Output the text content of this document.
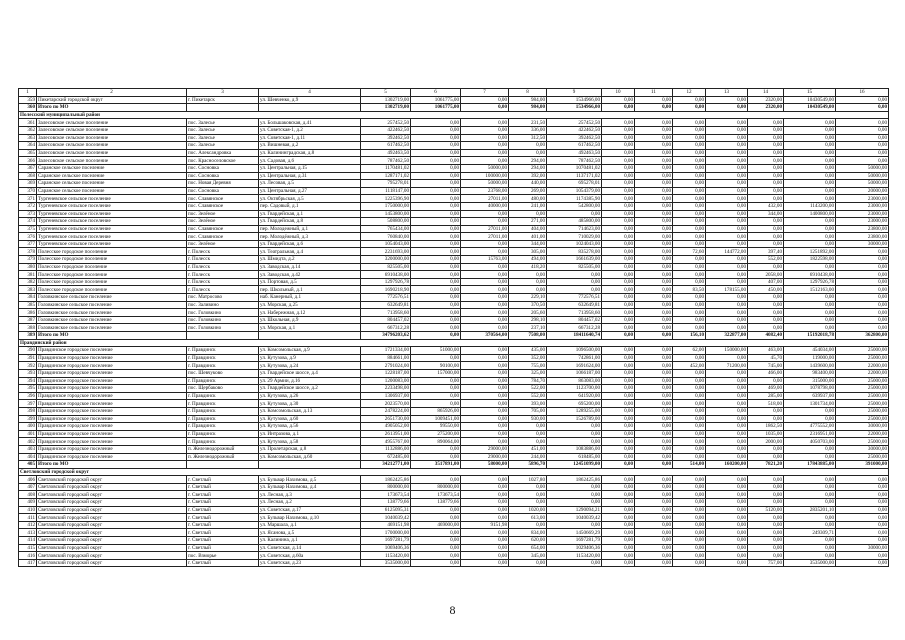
1	2	3	4	5	6	7	8	9	10	11	12	13	14	15	16
359	Пикетарский городской округ	г. Пикетарск	ул. Шевченко, д.9	1302719,00	1061775,00	0,00	984,00	1534966,00	0,00	0,00	0,00	0,00	2320,00	10430549,00	0,00
360	Итого по МО			1302719,00	1061775,00	0,00	984,00	1534966,00	0,00	0,00	0,00	0,00	2320,00	10430549,00	0,00
Полесский муниципальный район															
361	Залесовское сельское поселение	пос. Залесье	ул. Большаковская, д.41	257452,50	0,00	0,00	231,50	257452,50	0,00	0,00	0,00	0,00	0,00	0,00	0,00
362	Залесовское сельское поселение	пос. Залесье	ул. Советская-1, д.2	422462,50	0,00	0,00	336,00	422462,50	0,00	0,00	0,00	0,00	0,00	0,00	0,00
363	Залесовское сельское поселение	пос. Залесье	ул. Советская-1, д.11	392462,50	0,00	0,00	312,50	392462,50	0,00	0,00	0,00	0,00	0,00	0,00	0,00
364	Залесовское сельское поселение	пос. Залесье	ул. Вишневая, д.2	617462,50	0,00	0,00	0,00	617462,50	0,00	0,00	0,00	0,00	0,00	0,00	0,00
365	Залесовское сельское поселение	пос. Александровка	ул. Калининградская, д.8	492463,50	0,00	0,00	0,00	492463,50	0,00	0,00	0,00	0,00	0,00	0,00	0,00
366	Залесовское сельское поселение	пос. Красноселовское	ул. Садовая, д.6	787462,50	0,00	0,00	294,00	787462,50	0,00	0,00	0,00	0,00	0,00	0,00	0,00
367	Саранское сельское поселение	пос. Сосновка	ул. Центральная, д.15	1170481,02	0,00	50000,00	294,00	1070481,02	0,00	0,00	0,00	0,00	0,00	0,00	50000,00
368	Саранское сельское поселение	пос. Сосновка	ул. Центральная, д.31	1287171,02	0,00	100000,00	392,00	1137171,02	0,00	0,00	0,00	0,00	0,00	0,00	50000,00
369	Саранское сельское поселение	пос. Новая Деревня	ул. Лесовая, д.5	795278,01	0,00	50000,00	440,00	695278,01	0,00	0,00	0,00	0,00	0,00	0,00	50000,00
370	Саранское сельское поселение	пос. Сосновка	ул. Центральная, д.27	1118147,00	0,00	23768,00	269,00	1054379,00	0,00	0,00	0,00	0,00	0,00	0,00	20000,00
371	Тургеневское сельское поселение	пос. Славянское	ул. Октябрьская, д.5	1225396,90	0,00	27011,00	480,00	1174385,90	0,00	0,00	0,00	0,00	0,00	0,00	23000,00
372	Тургеневское сельское поселение	пос. Славянское	пер. Садовый, д.1	1750000,00	0,00	40000,00	241,00	542800,00	0,00	0,00	0,00	0,00	432,00	1143200,00	23000,00
373	Тургеневское сельское поселение	пос. Зелёное	ул. Гвардейская, д.1	1453800,00	0,00	0,00	0,00	0,00	0,00	0,00	0,00	0,00	344,00	1400800,00	23000,00
374	Тургеневское сельское поселение	пос. Зелёное	ул. Гвардейская, д.8	508800,00	0,00	0,00	271,00	485800,00	0,00	0,00	0,00	0,00	0,00	0,00	23000,00
375	Тургеневское сельское поселение	пос. Славянское	пер. Молодежный, д.1	765434,00	0,00	27011,00	404,00	714623,00	0,00	0,00	0,00	0,00	0,00	0,00	23800,00
376	Тургеневское сельское поселение	пос. Славянское	пер. Молодёжный, д.3	760840,00	0,00	27011,00	401,00	710029,00	0,00	0,00	0,00	0,00	0,00	0,00	23800,00
377	Тургеневское сельское поселение	пос. Зелёное	ул. Гвардейская, д.6	1054043,00	0,00	0,00	344,00	1024043,00	0,00	0,00	0,00	0,00	0,00	0,00	30000,00
378	Полесское городское поселение	г. Полесск	ул. Театральная, д.4	2231693,00	0,00	0,00	305,00	835278,00	0,00	0,00	72,60	144772,00	397,40	1251892,00	0,00
379	Полесское городское поселение	г. Полесск	ул. Шмидта, д.2	3200000,00	0,00	15763,00	494,00	1661639,00	0,00	0,00	0,00	0,00	552,00	1822598,00	0,00
380	Полесское городское поселение	г. Полесск	ул. Заводская, д.14	825505,00	0,00	0,00	418,20	825505,00	0,00	0,00	0,00	0,00	0,00	0,00	0,00
381	Полесское городское поселение	г. Полесск	ул. Заводская, д.42	6910438,00	0,00	0,00	0,00	0,00	0,00	0,00	0,00	0,00	2058,00	6910438,00	0,00
382	Полесское городское поселение	г. Полесск	ул. Портовая, д.5	1297926,78	0,00	0,00	0,00	0,00	0,00	0,00	0,00	0,00	407,00	1297926,78	0,00
383	Полесское городское поселение	г. Полесск	пер. Школьный, д.1	1690218,90	0,00	0,00	0,00	0,00	0,00	0,00	83,50	178155,00	450,00	1512163,00	0,00
384	Головкинское сельское поселение	пос. Матросово	наб. Канерный, д.1	772576,51	0,00	0,00	229,10	772576,51	0,00	0,00	0,00	0,00	0,00	0,00	0,00
385	Головкинское сельское поселение	пос. Заливино	ул. Морская, д.25	632649,81	0,00	0,00	370,50	632649,81	0,00	0,00	0,00	0,00	0,00	0,00	0,00
386	Головкинское сельское поселение	пос. Головкино	ул. Набережная, д.12	713958,60	0,00	0,00	205,60	713958,60	0,00	0,00	0,00	0,00	0,00	0,00	0,00
387	Головкинское сельское поселение	пос. Головкино	ул. Школьная, д.9	804457,02	0,00	0,00	298,10	804457,02	0,00	0,00	0,00	0,00	0,00	0,00	0,00
388	Головкинское сельское поселение	пос. Головкино	ул. Морская, д.1	667312,28	0,00	0,00	237,10	667312,28	0,00	0,00	0,00	0,00	0,00	0,00	0,00
389	Итого по МО			34796203,62	0,00	370564,00	7508,00	18411640,74	0,00	0,00	156,10	322877,00	4082,40	15192018,78	362800,00
Правдинский район															
390	Правдинское городское поселение	г. Правдинск	ул. Комсомольская, д.9	1721334,00	51000,00	0,00	435,00	1096500,00	0,00	0,00	62,00	150000,00	463,00	454034,00	25000,00
391	Правдинское городское поселение	г. Правдинск	ул. Кутузова, д.9	884661,00	0,00	0,00	352,00	742861,00	0,00	0,00	0,00	0,00	45,70	119000,00	25000,00
392	Правдинское городское поселение	г. Правдинск	ул. Кутузова, д.24	2791024,00	90100,00	0,00	755,00	1691624,00	0,00	0,00	452,00	71200,00	745,00	1439600,00	22000,00
393	Правдинское городское поселение	пос. Шевчуково	ул. Гвардейское шоссе, д.4	1228187,00	157000,00	0,00	325,00	1066187,00	0,00	0,00	0,00	0,00	466,00	983400,00	22000,00
394	Правдинское городское поселение	г. Правдинск	ул. 29 Армии, д.16	1200083,00	0,00	0,00	784,70	863083,00	0,00	0,00	0,00	0,00	0,00	315000,00	25000,00
395	Правдинское городское поселение	пос. Щербаково	ул. Гвардейское шоссе, д.2	2233498,00	0,00	0,00	522,00	1123700,00	0,00	0,00	0,00	0,00	469,00	1078798,00	25000,00
396	Правдинское городское поселение	г. Правдинск	ул. Кутузова, д.26	1306937,00	0,00	0,00	552,00	641920,00	0,00	0,00	0,00	0,00	285,00	639937,00	25000,00
397	Правдинское городское поселение	г. Правдинск	ул. Кутузова, д.30	2023570,00	0,00	0,00	393,00	695200,00	0,00	0,00	0,00	0,00	518,00	1301734,00	25000,00
398	Правдинское городское поселение	г. Правдинск	ул. Комсомольская, д.13	2478224,00	865926,00	0,00	705,00	1289255,00	0,00	0,00	0,00	0,00	0,00	0,00	25000,00
399	Правдинское городское поселение	г. Правдинск	ул. Кутузова, д.60	2651730,00	1009451,00	0,00	930,00	1526789,00	0,00	0,00	0,00	0,00	0,00	0,00	25000,00
400	Правдинское городское поселение	г. Правдинск	ул. Кутузова, д.56	4905052,00	99550,00	0,00	0,00	0,00	0,00	0,00	0,00	0,00	1862,50	4775552,00	30000,00
401	Правдинское городское поселение	г. Правдинск	ул. Интразова, д.1	2613951,00	275200,00	0,00	0,00	0,00	0,00	0,00	0,00	0,00	1035,00	2316951,00	22000,00
402	Правдинское городское поселение	г. Правдинск	ул. Кутузова, д.58	4955767,00	890064,00	0,00	0,00	0,00	0,00	0,00	0,00	0,00	2000,00	4050703,00	25000,00
403	Правдинское городское поселение	п. Железнодорожный	ул. Пролетарская, д.8	1132886,00	0,00	29000,00	451,00	1083886,00	0,00	0,00	0,00	0,00	0,00	0,00	30000,00
404	Правдинское городское поселение	п. Железнодорожный	ул. Комсомольская, д.60	672485,00	0,00	29000,00	244,00	618485,00	0,00	0,00	0,00	0,00	0,00	0,00	25000,00
405	Итого по МО			34212771,00	3517891,00	58000,00	5896,70	12451099,00	0,00	0,00	514,00	160200,00	7821,20	17843885,00	391000,00
Светловский городской округ															
406	Светловский городской округ	г. Светлый	ул. Бульвар Нахимова, д.5	1862425,86	0,00	0,00	1027,80	1862425,86	0,00	0,00	0,00	0,00	0,00	0,00	0,00
407	Светловский городской округ	г. Светлый	ул. Бульвар Нахимова, д.4	800000,00	800000,00	0,00	0,00	0,00	0,00	0,00	0,00	0,00	0,00	0,00	0,00
408	Светловский городской округ	г. Светлый	ул. Лесная, д.3	173673,54	173673,54	0,00	0,00	0,00	0,00	0,00	0,00	0,00	0,00	0,00	0,00
409	Светловский городской округ	г. Светлый	ул. Лесная, д.2	138779,66	138779,66	0,00	0,00	0,00	0,00	0,00	0,00	0,00	0,00	0,00	0,00
410	Светловский городской округ	г. Светлый	ул. Советская, д.17	6125095,31	0,00	0,00	1020,00	1290094,21	0,00	0,00	0,00	0,00	5120,00	2835201,10	0,00
411	Светловский городской округ	г. Светлый	ул. Бульвар Нахимова, д.10	1040039,42	0,00	0,00	613,00	1040039,42	0,00	0,00	0,00	0,00	0,00	0,00	0,00
412	Светловский городской округ	г. Светлый	ул. Маршала, д.1	469151,98	469000,00	9151,98	0,00	0,00	0,00	0,00	0,00	0,00	0,00	0,00	0,00
413	Светловский городской округ	г. Светлый	ул. Ясанова, д.5	1700000,00	0,00	0,00	834,00	1450669,29	0,00	0,00	0,00	0,00	0,00	249309,71	0,00
414	Светловский городской округ	г. Светлый	ул. Калинина, д.1	1697281,79	0,00	0,00	620,00	1697281,79	0,00	0,00	0,00	0,00	0,00	0,00	0,00
415	Светловский городской округ	г. Светлый	ул. Советская, д.14	1069406,36	0,00	0,00	654,00	1029406,36	0,00	0,00	0,00	0,00	0,00	0,00	30000,00
416	Светловский городской округ	пос. Взморье	ул. Советская, д.60а	1153420,00	0,00	0,00	345,00	1153420,00	0,00	0,00	0,00	0,00	0,00	0,00	0,00
417	Светловский городской округ	г. Светлый	ул. Советская, д.23	3535000,00	0,00	0,00	0,00	0,00	0,00	0,00	0,00	0,00	757,00	3535000,00	0,00
8
